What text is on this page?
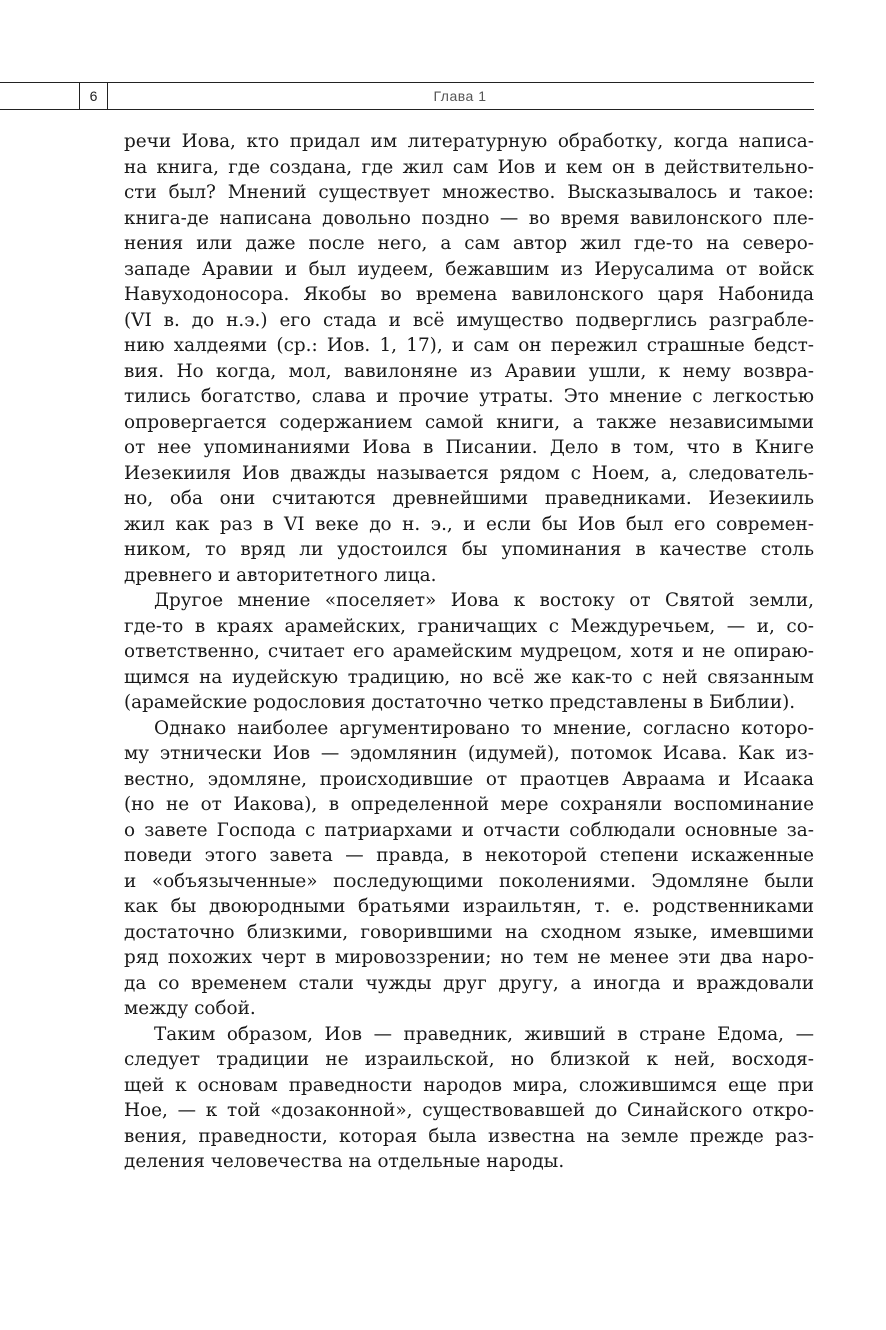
6	Глава 1
речи Иова, кто придал им литературную обработку, когда написа-
на книга, где создана, где жил сам Иов и кем он в действительно-
сти был? Мнений существует множество. Высказывалось и такое:
книга-де написана довольно поздно — во время вавилонского пле-
нения или даже после него, а сам автор жил где-то на северо-
западе Аравии и был иудеем, бежавшим из Иерусалима от войск
Навуходоносора. Якобы во времена вавилонского царя Набонида
(VI в. до н.э.) его стада и всё имущество подверглись разграбле-
нию халдеями (ср.: Иов. 1, 17), и сам он пережил страшные бедст-
вия. Но когда, мол, вавилоняне из Аравии ушли, к нему возвра-
тились богатство, слава и прочие утраты. Это мнение с легкостью
опровергается содержанием самой книги, а также независимыми
от нее упоминаниями Иова в Писании. Дело в том, что в Книге
Иезекииля Иов дважды называется рядом с Ноем, а, следователь-
но, оба они считаются древнейшими праведниками. Иезекииль
жил как раз в VI веке до н. э., и если бы Иов был его современ-
ником, то вряд ли удостоился бы упоминания в качестве столь
древнего и авторитетного лица.
Другое мнение «поселяет» Иова к востоку от Святой земли,
где-то в краях арамейских, граничащих с Междуречьем, — и, со-
ответственно, считает его арамейским мудрецом, хотя и не опираю-
щимся на иудейскую традицию, но всё же как-то с ней связанным
(арамейские родословия достаточно четко представлены в Библии).
Однако наиболее аргументировано то мнение, согласно которо-
му этнически Иов — эдомлянин (идумей), потомок Исава. Как из-
вестно, эдомляне, происходившие от праотцев Авраама и Исаака
(но не от Иакова), в определенной мере сохраняли воспоминание
о завете Господа с патриархами и отчасти соблюдали основные за-
поведи этого завета — правда, в некоторой степени искаженные
и «объязыченные» последующими поколениями. Эдомляне были
как бы двоюродными братьями израильтян, т. е. родственниками
достаточно близкими, говорившими на сходном языке, имевшими
ряд похожих черт в мировоззрении; но тем не менее эти два наро-
да со временем стали чужды друг другу, а иногда и враждовали
между собой.
Таким образом, Иов — праведник, живший в стране Едома, —
следует традиции не израильской, но близкой к ней, восходя-
щей к основам праведности народов мира, сложившимся еще при
Ное, — к той «дозаконной», существовавшей до Синайского откро-
вения, праведности, которая была известна на земле прежде раз-
деления человечества на отдельные народы.
